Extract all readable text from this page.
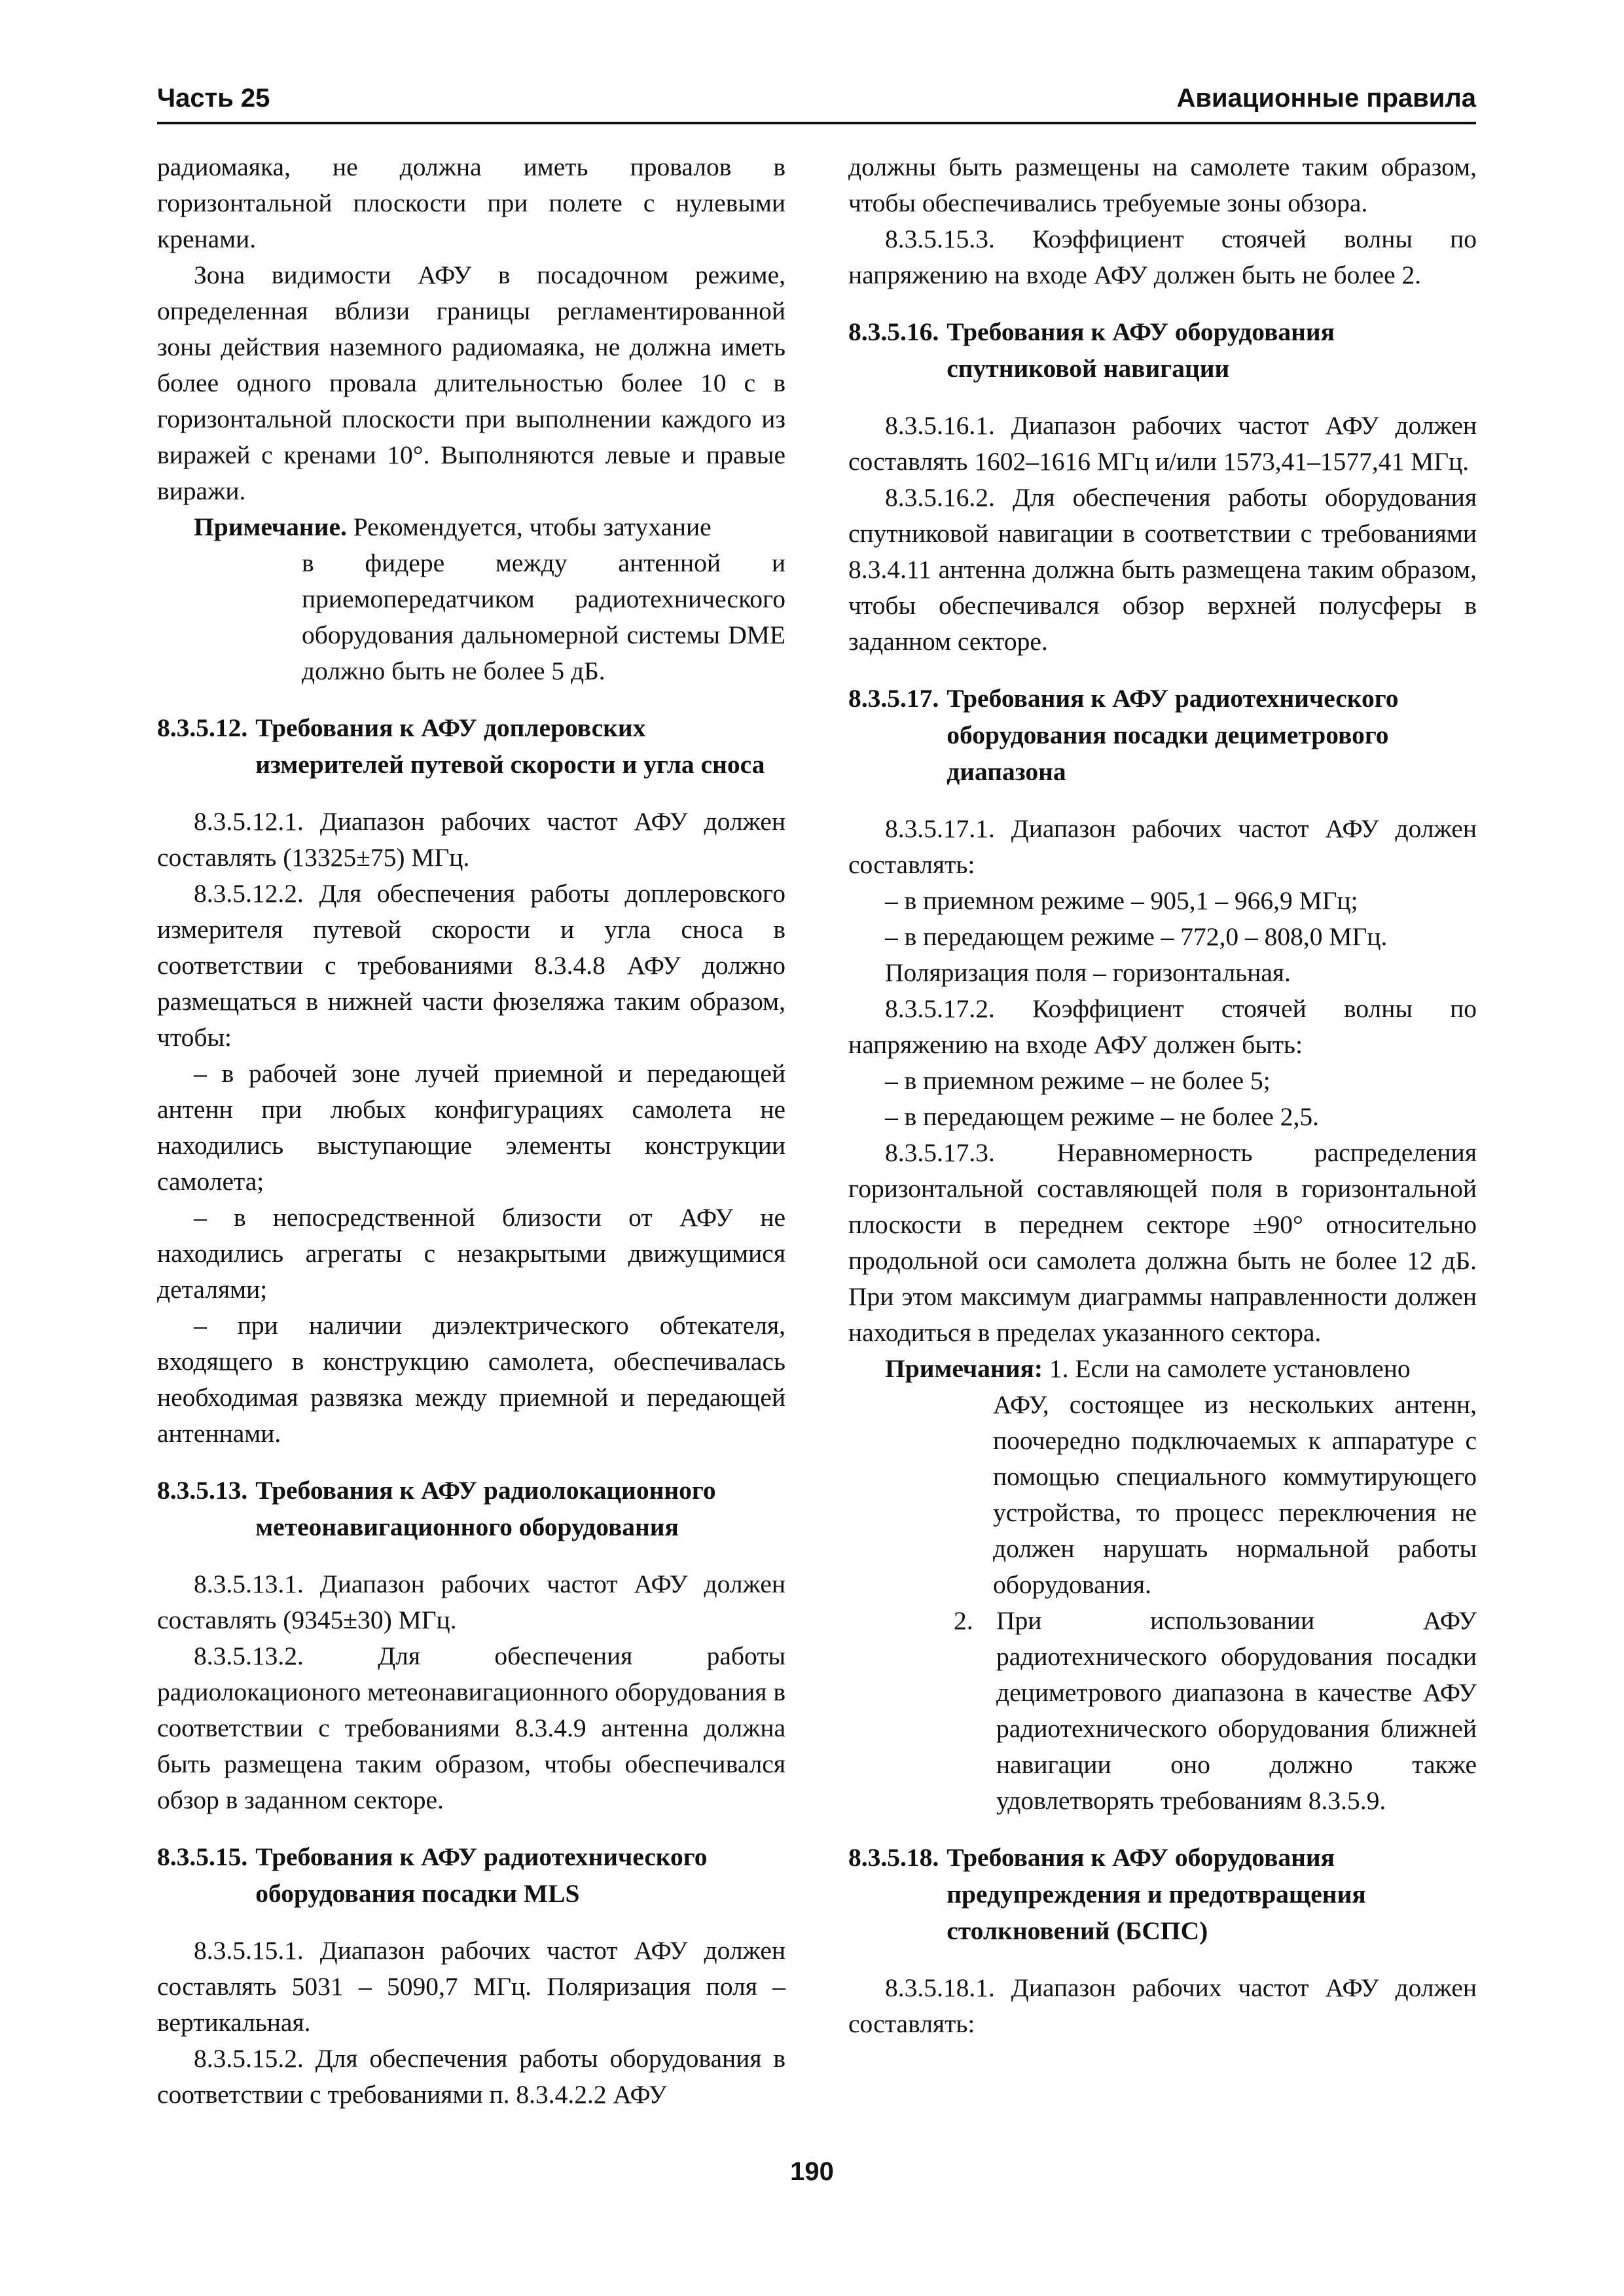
Часть 25	Авиационные правила

радиомаяка, не должна иметь провалов в горизонтальной плоскости при полете с нулевыми кренами.

Зона видимости АФУ в посадочном режиме, определенная вблизи границы регламентированной зоны действия наземного радиомаяка, не должна иметь более одного провала длительностью более 10 с в горизонтальной плоскости при выполнении каждого из виражей с кренами 10°. Выполняются левые и правые виражи.

Примечание. Рекомендуется, чтобы затухание

в фидере между антенной и приемопередатчиком радиотехнического оборудования дальномерной системы DME должно быть не более 5 дБ.

8.3.5.12. Требования к АФУ доплеровских измерителей путевой скорости и угла сноса

8.3.5.12.1. Диапазон рабочих частот АФУ должен составлять (13325±75) МГц.

8.3.5.12.2. Для обеспечения работы доплеровского измерителя путевой скорости и угла сноса в соответствии с требованиями 8.3.4.8 АФУ должно размещаться в нижней части фюзеляжа таким образом, чтобы:

– в рабочей зоне лучей приемной и передающей антенн при любых конфигурациях самолета не находились выступающие элементы конструкции самолета;

– в непосредственной близости от АФУ не находились агрегаты с незакрытыми движущимися деталями;

– при наличии диэлектрического обтекателя, входящего в конструкцию самолета, обеспечивалась необходимая развязка между приемной и передающей антеннами.

8.3.5.13. Требования к АФУ радиолокационного метеонавигационного оборудования

8.3.5.13.1. Диапазон рабочих частот АФУ должен составлять (9345±30) МГц.

8.3.5.13.2. Для обеспечения работы радиолокационого метеонавигационного оборудования в соответствии с требованиями 8.3.4.9 антенна должна быть размещена таким образом, чтобы обеспечивался обзор в заданном секторе.

8.3.5.15. Требования к АФУ радиотехнического оборудования посадки MLS

8.3.5.15.1. Диапазон рабочих частот АФУ должен составлять 5031 – 5090,7 МГц. Поляризация поля – вертикальная.

8.3.5.15.2. Для обеспечения работы оборудования в соответствии с требованиями п. 8.3.4.2.2 АФУ

должны быть размещены на самолете таким образом, чтобы обеспечивались требуемые зоны обзора.

8.3.5.15.3. Коэффициент стоячей волны по напряжению на входе АФУ должен быть не более 2.

8.3.5.16. Требования к АФУ оборудования спутниковой навигации

8.3.5.16.1. Диапазон рабочих частот АФУ должен составлять 1602–1616 МГц и/или 1573,41–1577,41 МГц.

8.3.5.16.2. Для обеспечения работы оборудования спутниковой навигации в соответствии с требованиями 8.3.4.11 антенна должна быть размещена таким образом, чтобы обеспечивался обзор верхней полусферы в заданном секторе.

8.3.5.17. Требования к АФУ радиотехнического оборудования посадки дециметрового диапазона

8.3.5.17.1. Диапазон рабочих частот АФУ должен составлять:

– в приемном режиме – 905,1 – 966,9 МГц;

– в передающем режиме – 772,0 – 808,0 МГц.

Поляризация поля – горизонтальная.

8.3.5.17.2. Коэффициент стоячей волны по напряжению на входе АФУ должен быть:

– в приемном режиме – не более 5;

– в передающем режиме – не более 2,5.

8.3.5.17.3. Неравномерность распределения горизонтальной составляющей поля в горизонтальной плоскости в переднем секторе ±90° относительно продольной оси самолета должна быть не более 12 дБ. При этом максимум диаграммы направленности должен находиться в пределах указанного сектора.

Примечания: 1. Если на самолете установлено

АФУ, состоящее из нескольких антенн, поочередно подключаемых к аппаратуре с помощью специального коммутирующего устройства, то процесс переключения не должен нарушать нормальной работы оборудования.

2. При использовании АФУ радиотехнического оборудования посадки дециметрового диапазона в качестве АФУ радиотехнического оборудования ближней навигации оно должно также удовлетворять требованиям 8.3.5.9.
8.3.5.18. Требования к АФУ оборудования предупреждения и предотвращения столкновений (БСПС)

8.3.5.18.1. Диапазон рабочих частот АФУ должен составлять:

190
